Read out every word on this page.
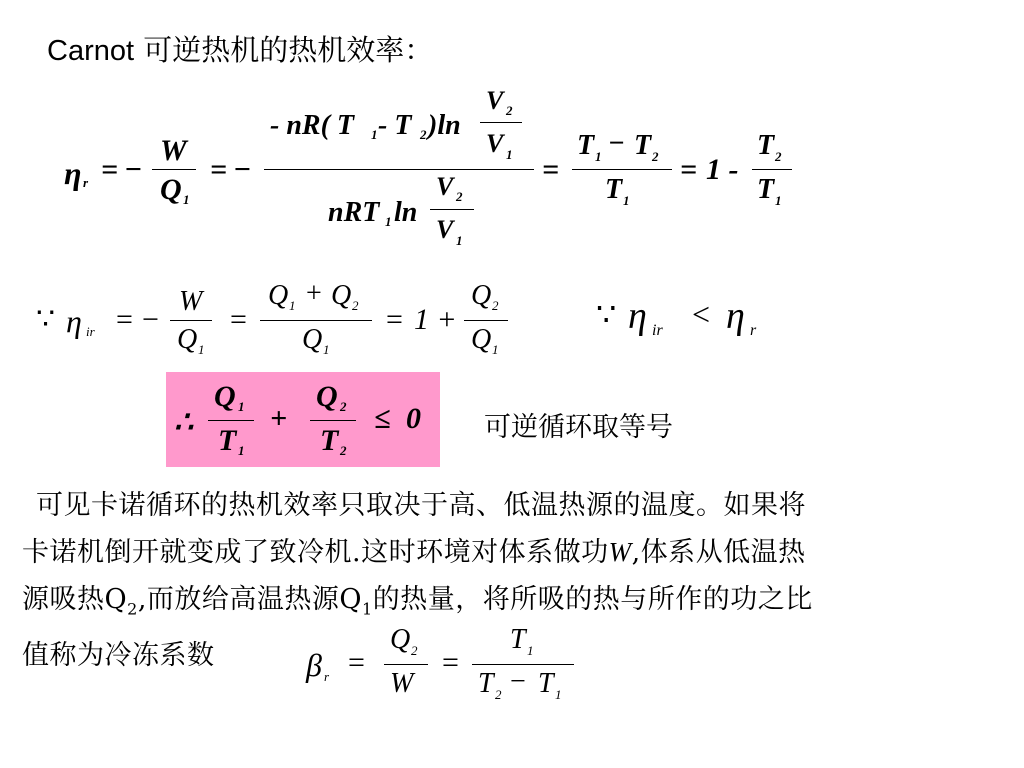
Carnot 可逆热机的热机效率：
η r = −
W
Q 1
= −
- nR( T 1 - T 2 )ln
V 2
V 1
nRT 1 ln
V 2
V 1
=
T 1 − T 2
T 1
= 1 -
T 2
T 1
∵ η ir = −
W
Q 1
=
Q 1 + Q 2
Q 1
= 1 +
Q 2
Q 1
∵ η ir < η r
∴
Q 1
T 1
+
Q 2
T 2
≤ 0 可逆循环取等号

可见卡诺循环的热机效率只取决于高、低温热源的温度。如果将

卡诺机倒开就变成了致冷机.这时环境对体系做功W,体系从低温热

源吸热$Q_2$,而放给高温热源$Q_1$的热量，将所吸的热与所作的功之比

值称为冷冻系数	β r =
Q 2
W
=
T 1
T 2 − T 1
